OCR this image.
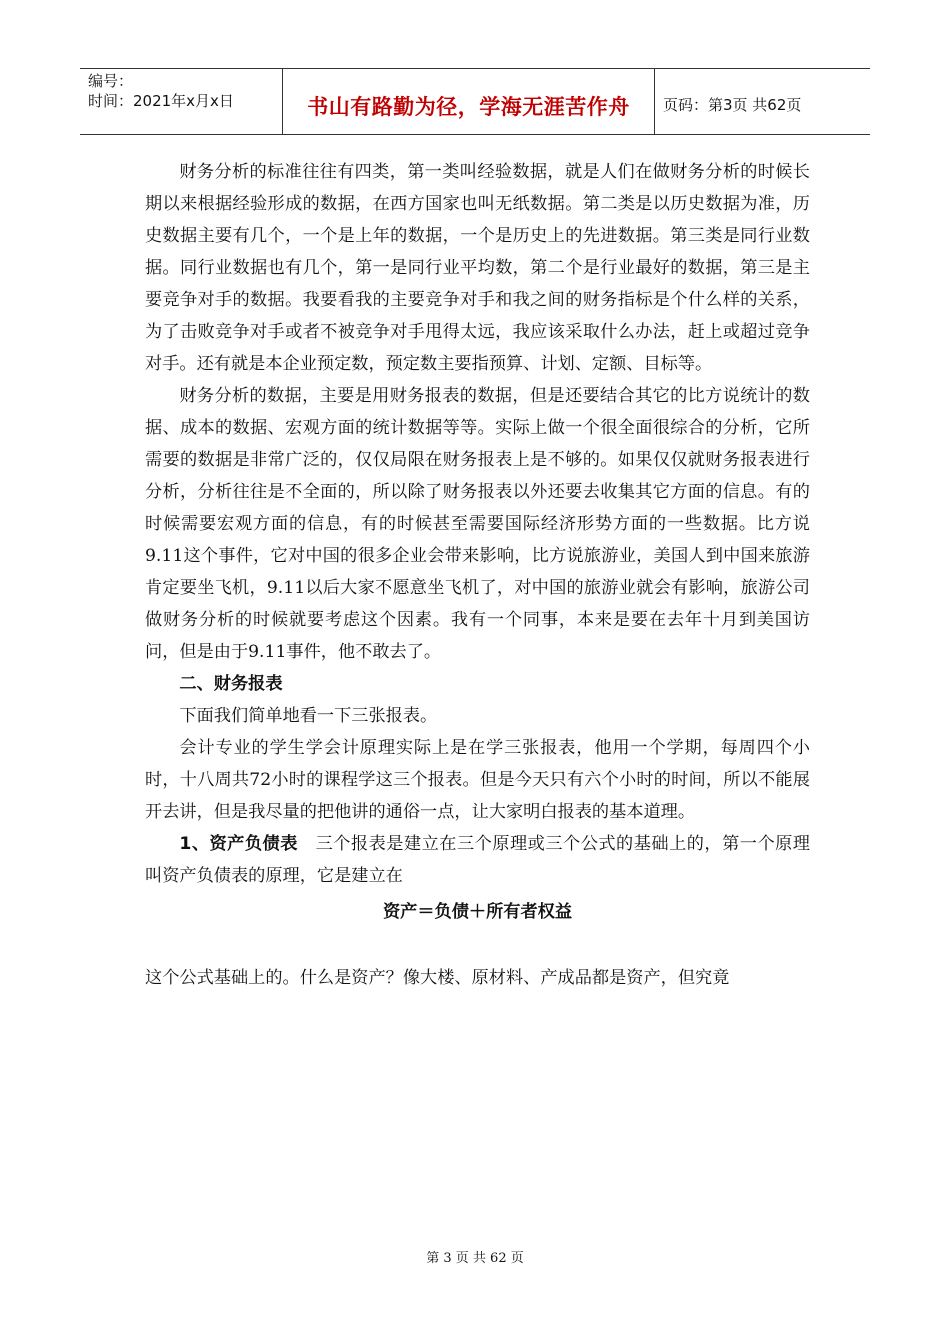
编号：
时间：2021年x月x日	书山有路勤为径，学海无涯苦作舟	页码：第3页 共62页

财务分析的标准往往有四类，第一类叫经验数据，就是人们在做财务分析的时候长期以来根据经验形成的数据，在西方国家也叫无纸数据。第二类是以历史数据为准，历史数据主要有几个，一个是上年的数据，一个是历史上的先进数据。第三类是同行业数据。同行业数据也有几个，第一是同行业平均数，第二个是行业最好的数据，第三是主要竞争对手的数据。我要看我的主要竞争对手和我之间的财务指标是个什么样的关系，为了击败竞争对手或者不被竞争对手甩得太远，我应该采取什么办法，赶上或超过竞争对手。还有就是本企业预定数，预定数主要指预算、计划、定额、目标等。

财务分析的数据，主要是用财务报表的数据，但是还要结合其它的比方说统计的数据、成本的数据、宏观方面的统计数据等等。实际上做一个很全面很综合的分析，它所需要的数据是非常广泛的，仅仅局限在财务报表上是不够的。如果仅仅就财务报表进行分析，分析往往是不全面的，所以除了财务报表以外还要去收集其它方面的信息。有的时候需要宏观方面的信息，有的时候甚至需要国际经济形势方面的一些数据。比方说9.11这个事件，它对中国的很多企业会带来影响，比方说旅游业，美国人到中国来旅游肯定要坐飞机，9.11以后大家不愿意坐飞机了，对中国的旅游业就会有影响，旅游公司做财务分析的时候就要考虑这个因素。我有一个同事，本来是要在去年十月到美国访问，但是由于9.11事件，他不敢去了。

二、财务报表

下面我们简单地看一下三张报表。

会计专业的学生学会计原理实际上是在学三张报表，他用一个学期，每周四个小时，十八周共72小时的课程学这三个报表。但是今天只有六个小时的时间，所以不能展开去讲，但是我尽量的把他讲的通俗一点，让大家明白报表的基本道理。

1、资产负债表　 三个报表是建立在三个原理或三个公式的基础上的，第一个原理叫资产负债表的原理，它是建立在

资产＝负债＋所有者权益

这个公式基础上的。什么是资产？像大楼、原材料、产成品都是资产，但究竟

第 3 页 共 62 页
